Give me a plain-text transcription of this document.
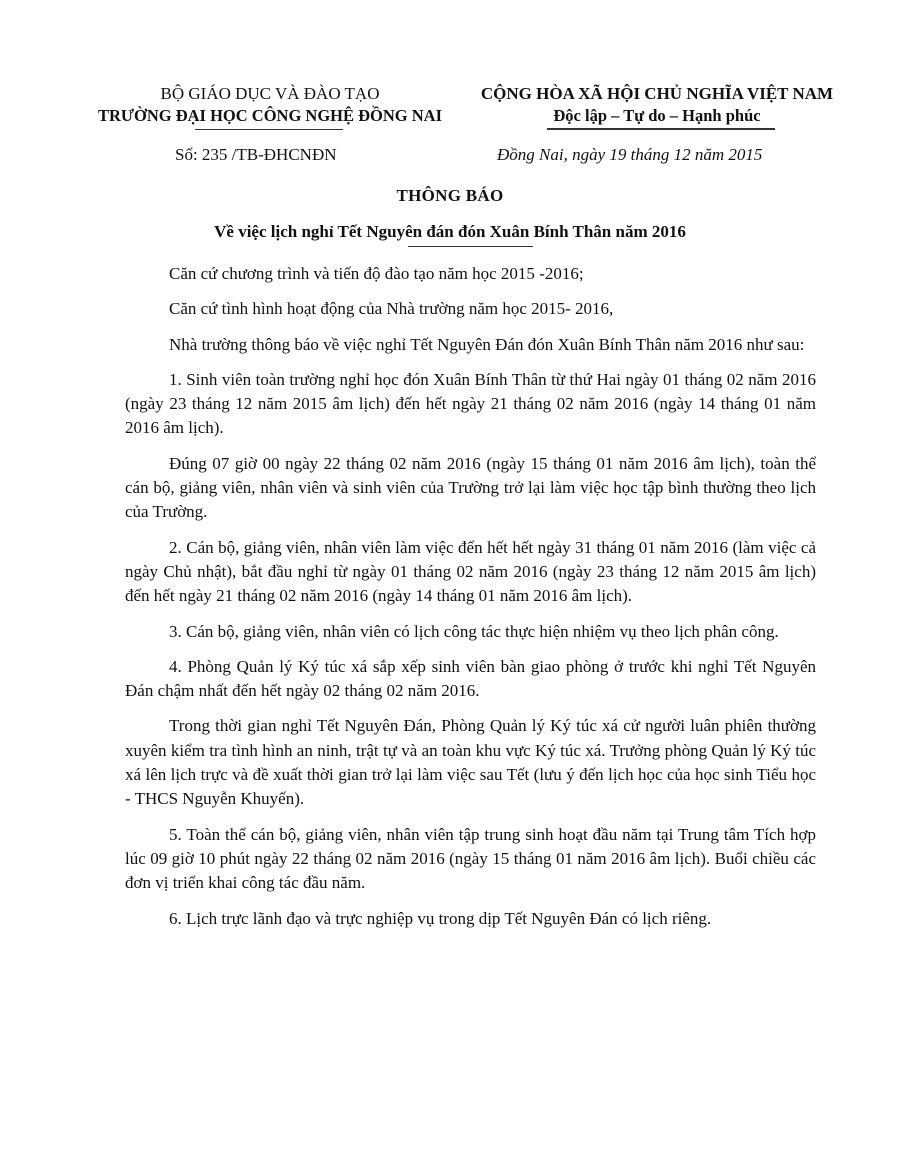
BỘ GIÁO DỤC VÀ ĐÀO TẠO
TRƯỜNG ĐẠI HỌC CÔNG NGHỆ ĐỒNG NAI
CỘNG HÒA XÃ HỘI CHỦ NGHĨA VIỆT NAM
Độc lập – Tự do – Hạnh phúc
Số: 235 /TB-ĐHCNĐN	Đồng Nai, ngày 19 tháng 12 năm 2015
THÔNG BÁO
Về việc lịch nghỉ Tết Nguyên đán đón Xuân Bính Thân năm 2016

Căn cứ chương trình và tiến độ đào tạo năm học 2015 -2016;

Căn cứ tình hình hoạt động của Nhà trường năm học 2015- 2016,

Nhà trường thông báo về việc nghỉ Tết Nguyên Đán đón Xuân Bính Thân năm 2016 như sau:

1. Sinh viên toàn trường nghỉ học đón Xuân Bính Thân từ thứ Hai ngày 01 tháng 02 năm 2016 (ngày 23 tháng 12 năm 2015 âm lịch) đến hết ngày 21 tháng 02 năm 2016 (ngày 14 tháng 01 năm 2016 âm lịch).

Đúng 07 giờ 00 ngày 22 tháng 02 năm 2016 (ngày 15 tháng 01 năm 2016 âm lịch), toàn thể cán bộ, giảng viên, nhân viên và sinh viên của Trường trở lại làm việc học tập bình thường theo lịch của Trường.

2. Cán bộ, giảng viên, nhân viên làm việc đến hết hết ngày 31 tháng 01 năm 2016 (làm việc cả ngày Chủ nhật), bắt đầu nghỉ từ ngày 01 tháng 02 năm 2016 (ngày 23 tháng 12 năm 2015 âm lịch) đến hết ngày 21 tháng 02 năm 2016 (ngày 14 tháng 01 năm 2016 âm lịch).

3. Cán bộ, giảng viên, nhân viên có lịch công tác thực hiện nhiệm vụ theo lịch phân công.

4. Phòng Quản lý Ký túc xá sắp xếp sinh viên bàn giao phòng ở trước khi nghỉ Tết Nguyên Đán chậm nhất đến hết ngày 02 tháng 02 năm 2016.

Trong thời gian nghỉ Tết Nguyên Đán, Phòng Quản lý Ký túc xá cử người luân phiên thường xuyên kiểm tra tình hình an ninh, trật tự và an toàn khu vực Ký túc xá. Trưởng phòng Quản lý Ký túc xá lên lịch trực và đề xuất thời gian trở lại làm việc sau Tết (lưu ý đến lịch học của học sinh Tiểu học - THCS Nguyễn Khuyến).

5. Toàn thể cán bộ, giảng viên, nhân viên tập trung sinh hoạt đầu năm tại Trung tâm Tích hợp lúc 09 giờ 10 phút ngày 22 tháng 02 năm 2016 (ngày 15 tháng 01 năm 2016 âm lịch). Buổi chiều các đơn vị triển khai công tác đầu năm.

6. Lịch trực lãnh đạo và trực nghiệp vụ trong dịp Tết Nguyên Đán có lịch riêng.
